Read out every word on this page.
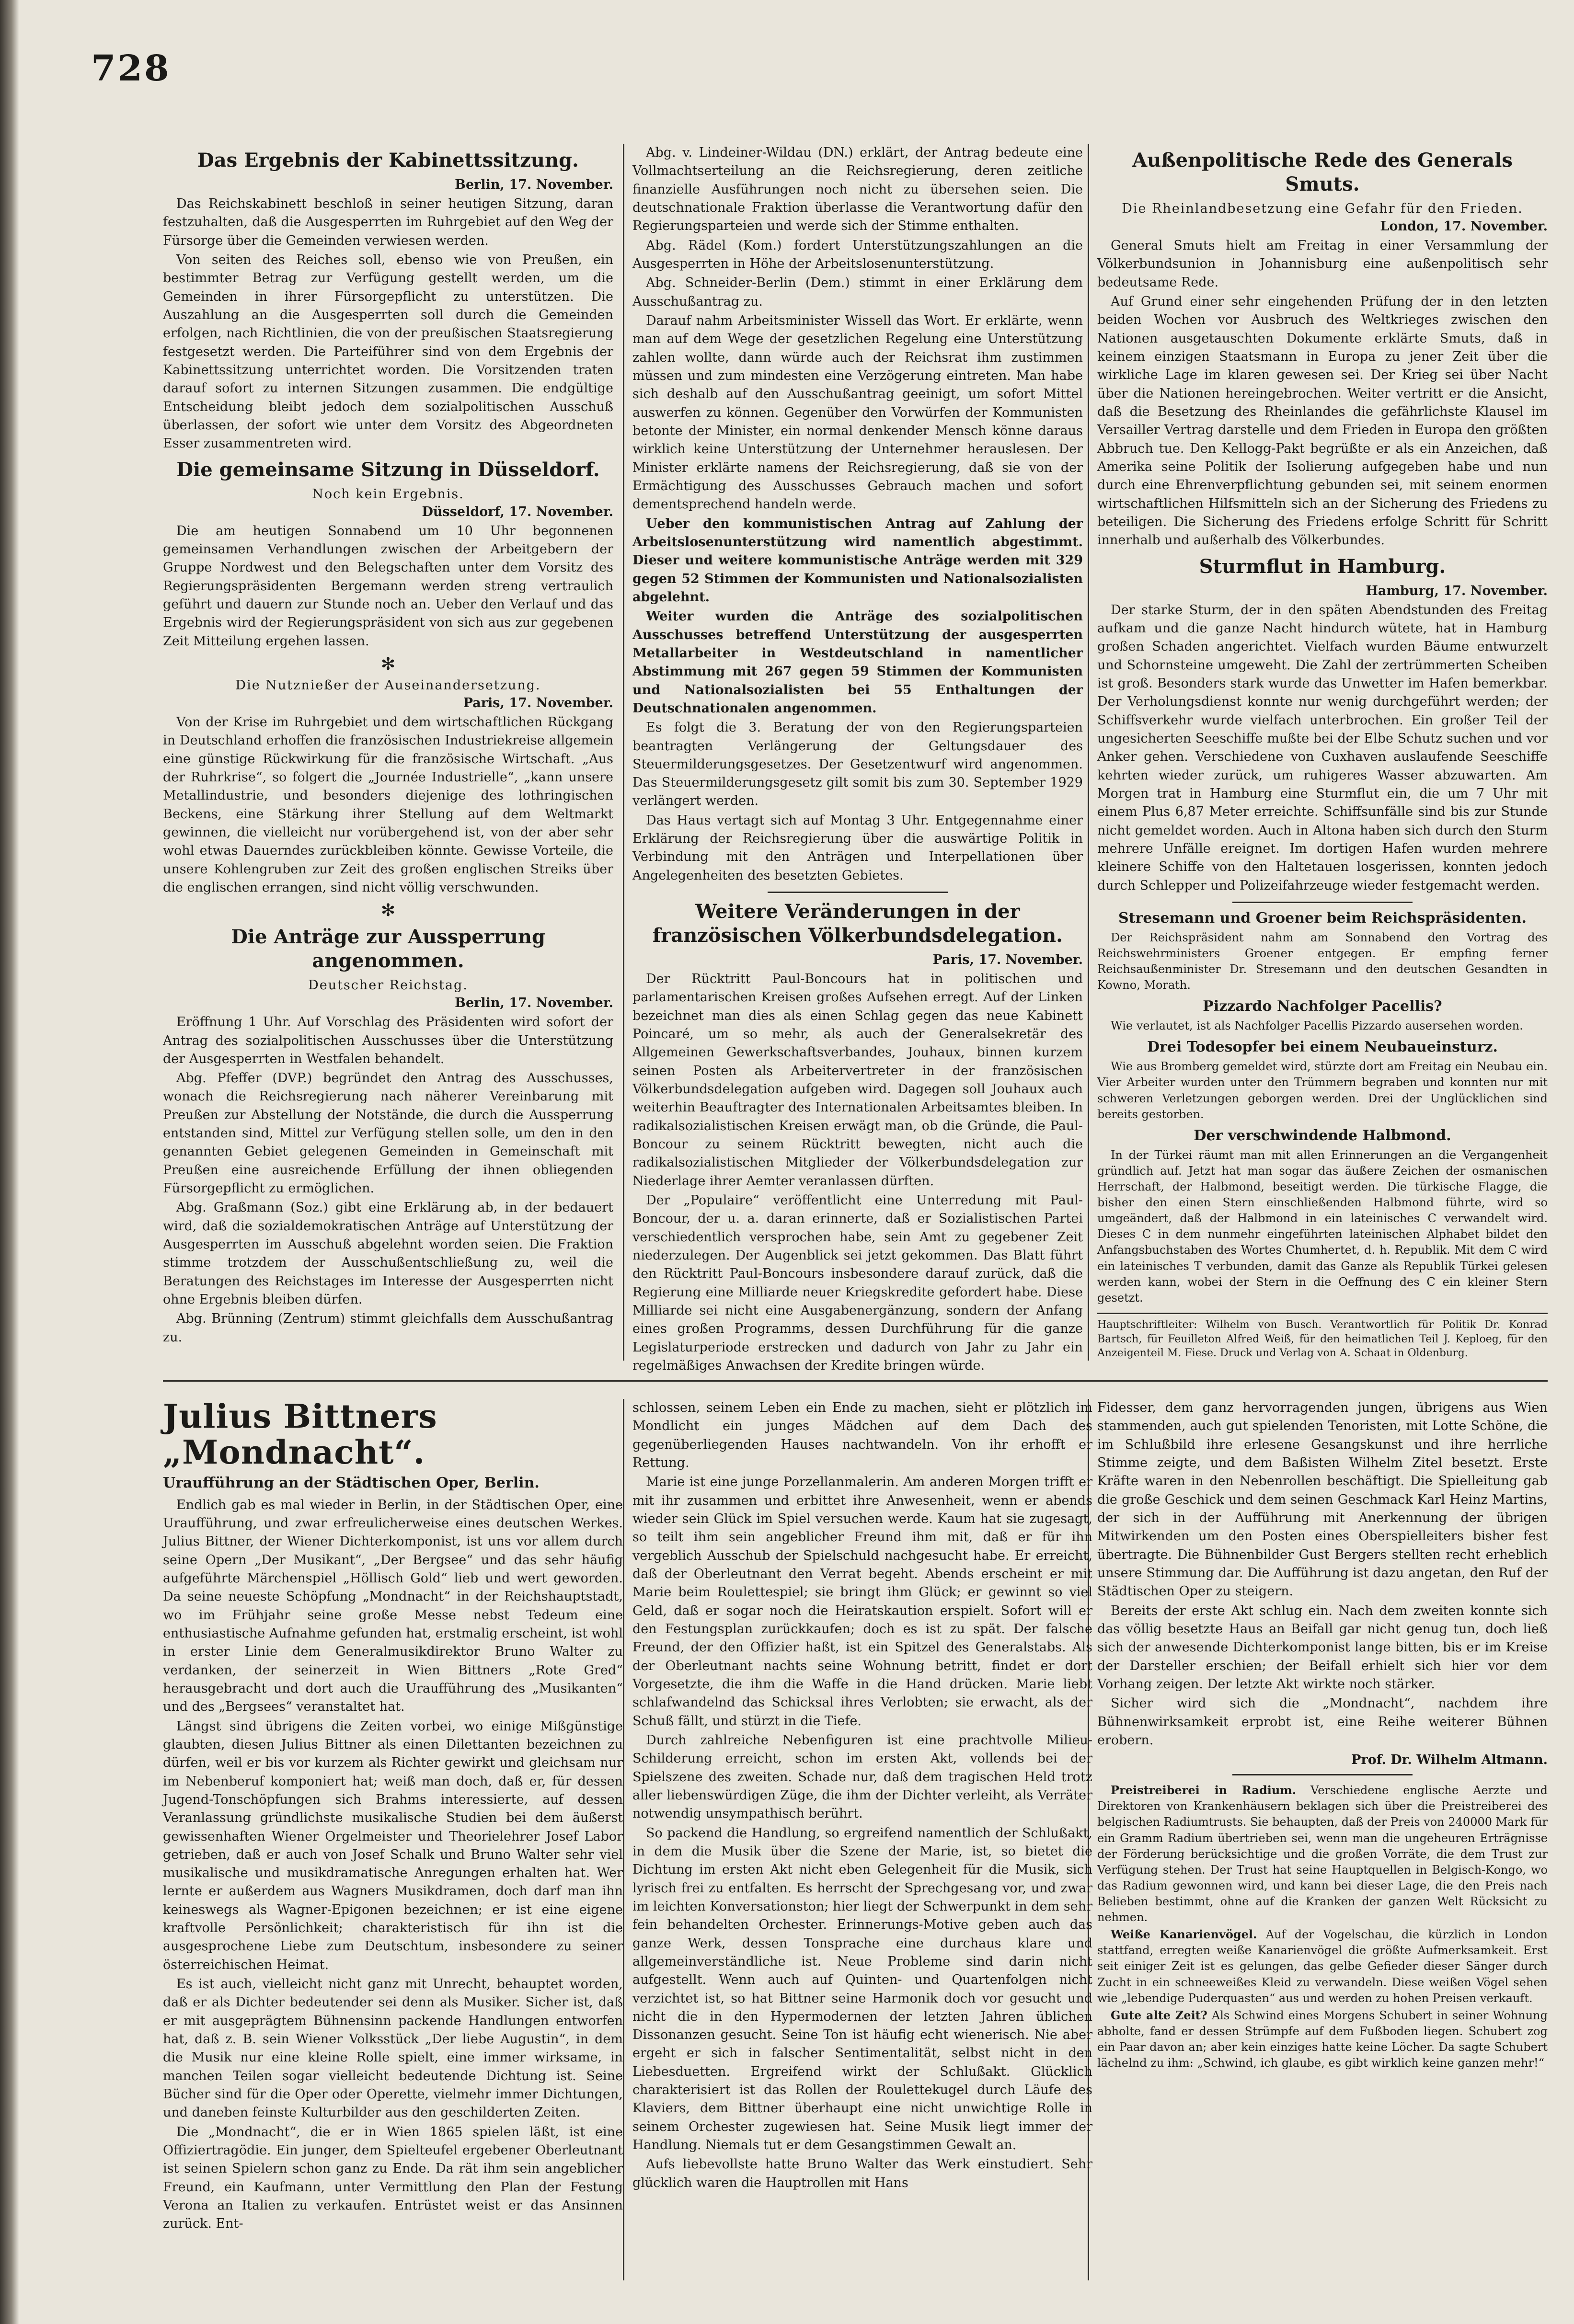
728
Das Ergebnis der Kabinettssitzung.
Berlin, 17. November.

Das Reichskabinett beschloß in seiner heutigen Sitzung, daran festzuhalten, daß die Ausgesperrten im Ruhrgebiet auf den Weg der Fürsorge über die Gemeinden verwiesen werden.

Von seiten des Reiches soll, ebenso wie von Preußen, ein bestimmter Betrag zur Verfügung gestellt werden, um die Gemeinden in ihrer Fürsorgepflicht zu unterstützen. Die Auszahlung an die Ausgesperrten soll durch die Gemeinden erfolgen, nach Richtlinien, die von der preußischen Staatsregierung festgesetzt werden. Die Parteiführer sind von dem Ergebnis der Kabinettssitzung unterrichtet worden. Die Vorsitzenden traten darauf sofort zu internen Sitzungen zusammen. Die endgültige Entscheidung bleibt jedoch dem sozialpolitischen Ausschuß überlassen, der sofort wie unter dem Vorsitz des Abgeordneten Esser zusammentreten wird.

Die gemeinsame Sitzung in Düsseldorf.
Noch kein Ergebnis.
Düsseldorf, 17. November.

Die am heutigen Sonnabend um 10 Uhr begonnenen gemeinsamen Verhandlungen zwischen der Arbeitgebern der Gruppe Nordwest und den Belegschaften unter dem Vorsitz des Regierungspräsidenten Bergemann werden streng vertraulich geführt und dauern zur Stunde noch an. Ueber den Verlauf und das Ergebnis wird der Regierungspräsident von sich aus zur gegebenen Zeit Mitteilung ergehen lassen.

✻
Die Nutznießer der Auseinandersetzung.
Paris, 17. November.

Von der Krise im Ruhrgebiet und dem wirtschaftlichen Rückgang in Deutschland erhoffen die französischen Industriekreise allgemein eine günstige Rückwirkung für die französische Wirtschaft. „Aus der Ruhrkrise“, so folgert die „Journée Industrielle“, „kann unsere Metallindustrie, und besonders diejenige des lothringischen Beckens, eine Stärkung ihrer Stellung auf dem Weltmarkt gewinnen, die vielleicht nur vorübergehend ist, von der aber sehr wohl etwas Dauerndes zurückbleiben könnte. Gewisse Vorteile, die unsere Kohlengruben zur Zeit des großen englischen Streiks über die englischen errangen, sind nicht völlig verschwunden.

✻
Die Anträge zur Aussperrung angenommen.
Deutscher Reichstag.
Berlin, 17. November.

Eröffnung 1 Uhr. Auf Vorschlag des Präsidenten wird sofort der Antrag des sozialpolitischen Ausschusses über die Unterstützung der Ausgesperrten in Westfalen behandelt.

Abg. Pfeffer (DVP.) begründet den Antrag des Ausschusses, wonach die Reichsregierung nach näherer Vereinbarung mit Preußen zur Abstellung der Notstände, die durch die Aussperrung entstanden sind, Mittel zur Verfügung stellen solle, um den in den genannten Gebiet gelegenen Gemeinden in Gemeinschaft mit Preußen eine ausreichende Erfüllung der ihnen obliegenden Fürsorgepflicht zu ermöglichen.

Abg. Graßmann (Soz.) gibt eine Erklärung ab, in der bedauert wird, daß die sozialdemokratischen Anträge auf Unterstützung der Ausgesperrten im Ausschuß abgelehnt worden seien. Die Fraktion stimme trotzdem der Ausschußentschließung zu, weil die Beratungen des Reichstages im Interesse der Ausgesperrten nicht ohne Ergebnis bleiben dürfen.

Abg. Brünning (Zentrum) stimmt gleichfalls dem Ausschußantrag zu.

Abg. v. Lindeiner-Wildau (DN.) erklärt, der Antrag bedeute eine Vollmachtserteilung an die Reichsregierung, deren zeitliche finanzielle Ausführungen noch nicht zu übersehen seien. Die deutschnationale Fraktion überlasse die Verantwortung dafür den Regierungsparteien und werde sich der Stimme enthalten.

Abg. Rädel (Kom.) fordert Unterstützungszahlungen an die Ausgesperrten in Höhe der Arbeitslosenunterstützung.

Abg. Schneider-Berlin (Dem.) stimmt in einer Erklärung dem Ausschußantrag zu.

Darauf nahm Arbeitsminister Wissell das Wort. Er erklärte, wenn man auf dem Wege der gesetzlichen Regelung eine Unterstützung zahlen wollte, dann würde auch der Reichsrat ihm zustimmen müssen und zum mindesten eine Verzögerung eintreten. Man habe sich deshalb auf den Ausschußantrag geeinigt, um sofort Mittel auswerfen zu können. Gegenüber den Vorwürfen der Kommunisten betonte der Minister, ein normal denkender Mensch könne daraus wirklich keine Unterstützung der Unternehmer herauslesen. Der Minister erklärte namens der Reichsregierung, daß sie von der Ermächtigung des Ausschusses Gebrauch machen und sofort dementsprechend handeln werde.

Ueber den kommunistischen Antrag auf Zahlung der Arbeitslosenunterstützung wird namentlich abgestimmt. Dieser und weitere kommunistische Anträge werden mit 329 gegen 52 Stimmen der Kommunisten und Nationalsozialisten abgelehnt.

Weiter wurden die Anträge des sozialpolitischen Ausschusses betreffend Unterstützung der ausgesperrten Metallarbeiter in Westdeutschland in namentlicher Abstimmung mit 267 gegen 59 Stimmen der Kommunisten und Nationalsozialisten bei 55 Enthaltungen der Deutschnationalen angenommen.

Es folgt die 3. Beratung der von den Regierungsparteien beantragten Verlängerung der Geltungsdauer des Steuermilderungsgesetzes. Der Gesetzentwurf wird angenommen. Das Steuermilderungsgesetz gilt somit bis zum 30. September 1929 verlängert werden.

Das Haus vertagt sich auf Montag 3 Uhr. Entgegennahme einer Erklärung der Reichsregierung über die auswärtige Politik in Verbindung mit den Anträgen und Interpellationen über Angelegenheiten des besetzten Gebietes.

Weitere Veränderungen in der französischen Völkerbundsdelegation.
Paris, 17. November.

Der Rücktritt Paul-Boncours hat in politischen und parlamentarischen Kreisen großes Aufsehen erregt. Auf der Linken bezeichnet man dies als einen Schlag gegen das neue Kabinett Poincaré, um so mehr, als auch der Generalsekretär des Allgemeinen Gewerkschaftsverbandes, Jouhaux, binnen kurzem seinen Posten als Arbeitervertreter in der französischen Völkerbundsdelegation aufgeben wird. Dagegen soll Jouhaux auch weiterhin Beauftragter des Internationalen Arbeitsamtes bleiben. In radikalsozialistischen Kreisen erwägt man, ob die Gründe, die Paul-Boncour zu seinem Rücktritt bewegten, nicht auch die radikalsozialistischen Mitglieder der Völkerbundsdelegation zur Niederlage ihrer Aemter veranlassen dürften.

Der „Populaire“ veröffentlicht eine Unterredung mit Paul-Boncour, der u. a. daran erinnerte, daß er Sozialistischen Partei verschiedentlich versprochen habe, sein Amt zu gegebener Zeit niederzulegen. Der Augenblick sei jetzt gekommen. Das Blatt führt den Rücktritt Paul-Boncours insbesondere darauf zurück, daß die Regierung eine Milliarde neuer Kriegskredite gefordert habe. Diese Milliarde sei nicht eine Ausgabenergänzung, sondern der Anfang eines großen Programms, dessen Durchführung für die ganze Legislaturperiode erstrecken und dadurch von Jahr zu Jahr ein regelmäßiges Anwachsen der Kredite bringen würde.

Außenpolitische Rede des Generals Smuts.
Die Rheinlandbesetzung eine Gefahr für den Frieden.
London, 17. November.

General Smuts hielt am Freitag in einer Versammlung der Völkerbundsunion in Johannisburg eine außenpolitisch sehr bedeutsame Rede.

Auf Grund einer sehr eingehenden Prüfung der in den letzten beiden Wochen vor Ausbruch des Weltkrieges zwischen den Nationen ausgetauschten Dokumente erklärte Smuts, daß in keinem einzigen Staatsmann in Europa zu jener Zeit über die wirkliche Lage im klaren gewesen sei. Der Krieg sei über Nacht über die Nationen hereingebrochen. Weiter vertritt er die Ansicht, daß die Besetzung des Rheinlandes die gefährlichste Klausel im Versailler Vertrag darstelle und dem Frieden in Europa den größten Abbruch tue. Den Kellogg-Pakt begrüßte er als ein Anzeichen, daß Amerika seine Politik der Isolierung aufgegeben habe und nun durch eine Ehrenverpflichtung gebunden sei, mit seinem enormen wirtschaftlichen Hilfsmitteln sich an der Sicherung des Friedens zu beteiligen. Die Sicherung des Friedens erfolge Schritt für Schritt innerhalb und außerhalb des Völkerbundes.

Sturmflut in Hamburg.
Hamburg, 17. November.

Der starke Sturm, der in den späten Abendstunden des Freitag aufkam und die ganze Nacht hindurch wütete, hat in Hamburg großen Schaden angerichtet. Vielfach wurden Bäume entwurzelt und Schornsteine umgeweht. Die Zahl der zertrümmerten Scheiben ist groß. Besonders stark wurde das Unwetter im Hafen bemerkbar. Der Verholungsdienst konnte nur wenig durchgeführt werden; der Schiffsverkehr wurde vielfach unterbrochen. Ein großer Teil der ungesicherten Seeschiffe mußte bei der Elbe Schutz suchen und vor Anker gehen. Verschiedene von Cuxhaven auslaufende Seeschiffe kehrten wieder zurück, um ruhigeres Wasser abzuwarten. Am Morgen trat in Hamburg eine Sturmflut ein, die um 7 Uhr mit einem Plus 6,87 Meter erreichte. Schiffsunfälle sind bis zur Stunde nicht gemeldet worden. Auch in Altona haben sich durch den Sturm mehrere Unfälle ereignet. Im dortigen Hafen wurden mehrere kleinere Schiffe von den Haltetauen losgerissen, konnten jedoch durch Schlepper und Polizeifahrzeuge wieder festgemacht werden.

Stresemann und Groener beim Reichspräsidenten.

Der Reichspräsident nahm am Sonnabend den Vortrag des Reichswehrministers Groener entgegen. Er empfing ferner Reichsaußenminister Dr. Stresemann und den deutschen Gesandten in Kowno, Morath.

Pizzardo Nachfolger Pacellis?

Wie verlautet, ist als Nachfolger Pacellis Pizzardo ausersehen worden.

Drei Todesopfer bei einem Neubaueinsturz.

Wie aus Bromberg gemeldet wird, stürzte dort am Freitag ein Neubau ein. Vier Arbeiter wurden unter den Trümmern begraben und konnten nur mit schweren Verletzungen geborgen werden. Drei der Unglücklichen sind bereits gestorben.

Der verschwindende Halbmond.

In der Türkei räumt man mit allen Erinnerungen an die Vergangenheit gründlich auf. Jetzt hat man sogar das äußere Zeichen der osmanischen Herrschaft, der Halbmond, beseitigt werden. Die türkische Flagge, die bisher den einen Stern einschließenden Halbmond führte, wird so umgeändert, daß der Halbmond in ein lateinisches C verwandelt wird. Dieses C in dem nunmehr eingeführten lateinischen Alphabet bildet den Anfangsbuchstaben des Wortes Chumhertet, d. h. Republik. Mit dem C wird ein lateinisches T verbunden, damit das Ganze als Republik Türkei gelesen werden kann, wobei der Stern in die Oeffnung des C ein kleiner Stern gesetzt.

Hauptschriftleiter: Wilhelm von Busch. Verantwortlich für Politik Dr. Konrad Bartsch, für Feuilleton Alfred Weiß, für den heimatlichen Teil J. Keploeg, für den Anzeigenteil M. Fiese. Druck und Verlag von A. Schaat in Oldenburg.
Julius Bittners „Mondnacht“.
Uraufführung an der Städtischen Oper, Berlin.

Endlich gab es mal wieder in Berlin, in der Städtischen Oper, eine Uraufführung, und zwar erfreulicherweise eines deutschen Werkes. Julius Bittner, der Wiener Dichterkomponist, ist uns vor allem durch seine Opern „Der Musikant“, „Der Bergsee“ und das sehr häufig aufgeführte Märchenspiel „Höllisch Gold“ lieb und wert geworden. Da seine neueste Schöpfung „Mondnacht“ in der Reichshauptstadt, wo im Frühjahr seine große Messe nebst Tedeum eine enthusiastische Aufnahme gefunden hat, erstmalig erscheint, ist wohl in erster Linie dem Generalmusikdirektor Bruno Walter zu verdanken, der seinerzeit in Wien Bittners „Rote Gred“ herausgebracht und dort auch die Uraufführung des „Musikanten“ und des „Bergsees“ veranstaltet hat.

Längst sind übrigens die Zeiten vorbei, wo einige Mißgünstige glaubten, diesen Julius Bittner als einen Dilettanten bezeichnen zu dürfen, weil er bis vor kurzem als Richter gewirkt und gleichsam nur im Nebenberuf komponiert hat; weiß man doch, daß er, für dessen Jugend-Tonschöpfungen sich Brahms interessierte, auf dessen Veranlassung gründlichste musikalische Studien bei dem äußerst gewissenhaften Wiener Orgelmeister und Theorielehrer Josef Labor getrieben, daß er auch von Josef Schalk und Bruno Walter sehr viel musikalische und musikdramatische Anregungen erhalten hat. Wer lernte er außerdem aus Wagners Musikdramen, doch darf man ihn keineswegs als Wagner-Epigonen bezeichnen; er ist eine eigene kraftvolle Persönlichkeit; charakteristisch für ihn ist die ausgesprochene Liebe zum Deutschtum, insbesondere zu seiner österreichischen Heimat.

Es ist auch, vielleicht nicht ganz mit Unrecht, behauptet worden, daß er als Dichter bedeutender sei denn als Musiker. Sicher ist, daß er mit ausgeprägtem Bühnensinn packende Handlungen entworfen hat, daß z. B. sein Wiener Volksstück „Der liebe Augustin“, in dem die Musik nur eine kleine Rolle spielt, eine immer wirksame, in manchen Teilen sogar vielleicht bedeutende Dichtung ist. Seine Bücher sind für die Oper oder Operette, vielmehr immer Dichtungen, und daneben feinste Kulturbilder aus den geschilderten Zeiten.

Die „Mondnacht“, die er in Wien 1865 spielen läßt, ist eine Offiziertragödie. Ein junger, dem Spielteufel ergebener Oberleutnant ist seinen Spielern schon ganz zu Ende. Da rät ihm sein angeblicher Freund, ein Kaufmann, unter Vermittlung den Plan der Festung Verona an Italien zu verkaufen. Entrüstet weist er das Ansinnen zurück. Ent-

schlossen, seinem Leben ein Ende zu machen, sieht er plötzlich im Mondlicht ein junges Mädchen auf dem Dach des gegenüberliegenden Hauses nachtwandeln. Von ihr erhofft er Rettung.

Marie ist eine junge Porzellanmalerin. Am anderen Morgen trifft er mit ihr zusammen und erbittet ihre Anwesenheit, wenn er abends wieder sein Glück im Spiel versuchen werde. Kaum hat sie zugesagt, so teilt ihm sein angeblicher Freund ihm mit, daß er für ihn vergeblich Ausschub der Spielschuld nachgesucht habe. Er erreicht, daß der Oberleutnant den Verrat begeht. Abends erscheint er mit Marie beim Roulettespiel; sie bringt ihm Glück; er gewinnt so viel Geld, daß er sogar noch die Heiratskaution erspielt. Sofort will er den Festungsplan zurückkaufen; doch es ist zu spät. Der falsche Freund, der den Offizier haßt, ist ein Spitzel des Generalstabs. Als der Oberleutnant nachts seine Wohnung betritt, findet er dort Vorgesetzte, die ihm die Waffe in die Hand drücken. Marie liebt schlafwandelnd das Schicksal ihres Verlobten; sie erwacht, als der Schuß fällt, und stürzt in die Tiefe.

Durch zahlreiche Nebenfiguren ist eine prachtvolle Milieu-Schilderung erreicht, schon im ersten Akt, vollends bei der Spielszene des zweiten. Schade nur, daß dem tragischen Held trotz aller liebenswürdigen Züge, die ihm der Dichter verleiht, als Verräter notwendig unsympathisch berührt.

So packend die Handlung, so ergreifend namentlich der Schlußakt, in dem die Musik über die Szene der Marie, ist, so bietet die Dichtung im ersten Akt nicht eben Gelegenheit für die Musik, sich lyrisch frei zu entfalten. Es herrscht der Sprechgesang vor, und zwar im leichten Konversationston; hier liegt der Schwerpunkt in dem sehr fein behandelten Orchester. Erinnerungs-Motive geben auch das ganze Werk, dessen Tonsprache eine durchaus klare und allgemeinverständliche ist. Neue Probleme sind darin nicht aufgestellt. Wenn auch auf Quinten- und Quartenfolgen nicht verzichtet ist, so hat Bittner seine Harmonik doch vor gesucht und nicht die in den Hypermodernen der letzten Jahren üblichen Dissonanzen gesucht. Seine Ton ist häufig echt wienerisch. Nie aber ergeht er sich in falscher Sentimentalität, selbst nicht in den Liebesduetten. Ergreifend wirkt der Schlußakt. Glücklich charakterisiert ist das Rollen der Roulettekugel durch Läufe des Klaviers, dem Bittner überhaupt eine nicht unwichtige Rolle in seinem Orchester zugewiesen hat. Seine Musik liegt immer der Handlung. Niemals tut er dem Gesangstimmen Gewalt an.

Aufs liebevollste hatte Bruno Walter das Werk einstudiert. Sehr glücklich waren die Hauptrollen mit Hans

Fidesser, dem ganz hervorragenden jungen, übrigens aus Wien stammenden, auch gut spielenden Tenoristen, mit Lotte Schöne, die im Schlußbild ihre erlesene Gesangskunst und ihre herrliche Stimme zeigte, und dem Baßisten Wilhelm Zitel besetzt. Erste Kräfte waren in den Nebenrollen beschäftigt. Die Spielleitung gab die große Geschick und dem seinen Geschmack Karl Heinz Martins, der sich in der Aufführung mit Anerkennung der übrigen Mitwirkenden um den Posten eines Oberspielleiters bisher fest übertragte. Die Bühnenbilder Gust Bergers stellten recht erheblich unsere Stimmung dar. Die Aufführung ist dazu angetan, den Ruf der Städtischen Oper zu steigern.

Bereits der erste Akt schlug ein. Nach dem zweiten konnte sich das völlig besetzte Haus an Beifall gar nicht genug tun, doch ließ sich der anwesende Dichterkomponist lange bitten, bis er im Kreise der Darsteller erschien; der Beifall erhielt sich hier vor dem Vorhang zeigen. Der letzte Akt wirkte noch stärker.

Sicher wird sich die „Mondnacht“, nachdem ihre Bühnenwirksamkeit erprobt ist, eine Reihe weiterer Bühnen erobern.

Prof. Dr. Wilhelm Altmann.

Preistreiberei in Radium. Verschiedene englische Aerzte und Direktoren von Krankenhäusern beklagen sich über die Preistreiberei des belgischen Radiumtrusts. Sie behaupten, daß der Preis von 240000 Mark für ein Gramm Radium übertrieben sei, wenn man die ungeheuren Erträgnisse der Förderung berücksichtige und die großen Vorräte, die dem Trust zur Verfügung stehen. Der Trust hat seine Hauptquellen in Belgisch-Kongo, wo das Radium gewonnen wird, und kann bei dieser Lage, die den Preis nach Belieben bestimmt, ohne auf die Kranken der ganzen Welt Rücksicht zu nehmen.

Weiße Kanarienvögel. Auf der Vogelschau, die kürzlich in London stattfand, erregten weiße Kanarienvögel die größte Aufmerksamkeit. Erst seit einiger Zeit ist es gelungen, das gelbe Gefieder dieser Sänger durch Zucht in ein schneeweißes Kleid zu verwandeln. Diese weißen Vögel sehen wie „lebendige Puderquasten“ aus und werden zu hohen Preisen verkauft.

Gute alte Zeit? Als Schwind eines Morgens Schubert in seiner Wohnung abholte, fand er dessen Strümpfe auf dem Fußboden liegen. Schubert zog ein Paar davon an; aber kein einziges hatte keine Löcher. Da sagte Schubert lächelnd zu ihm: „Schwind, ich glaube, es gibt wirklich keine ganzen mehr!“
